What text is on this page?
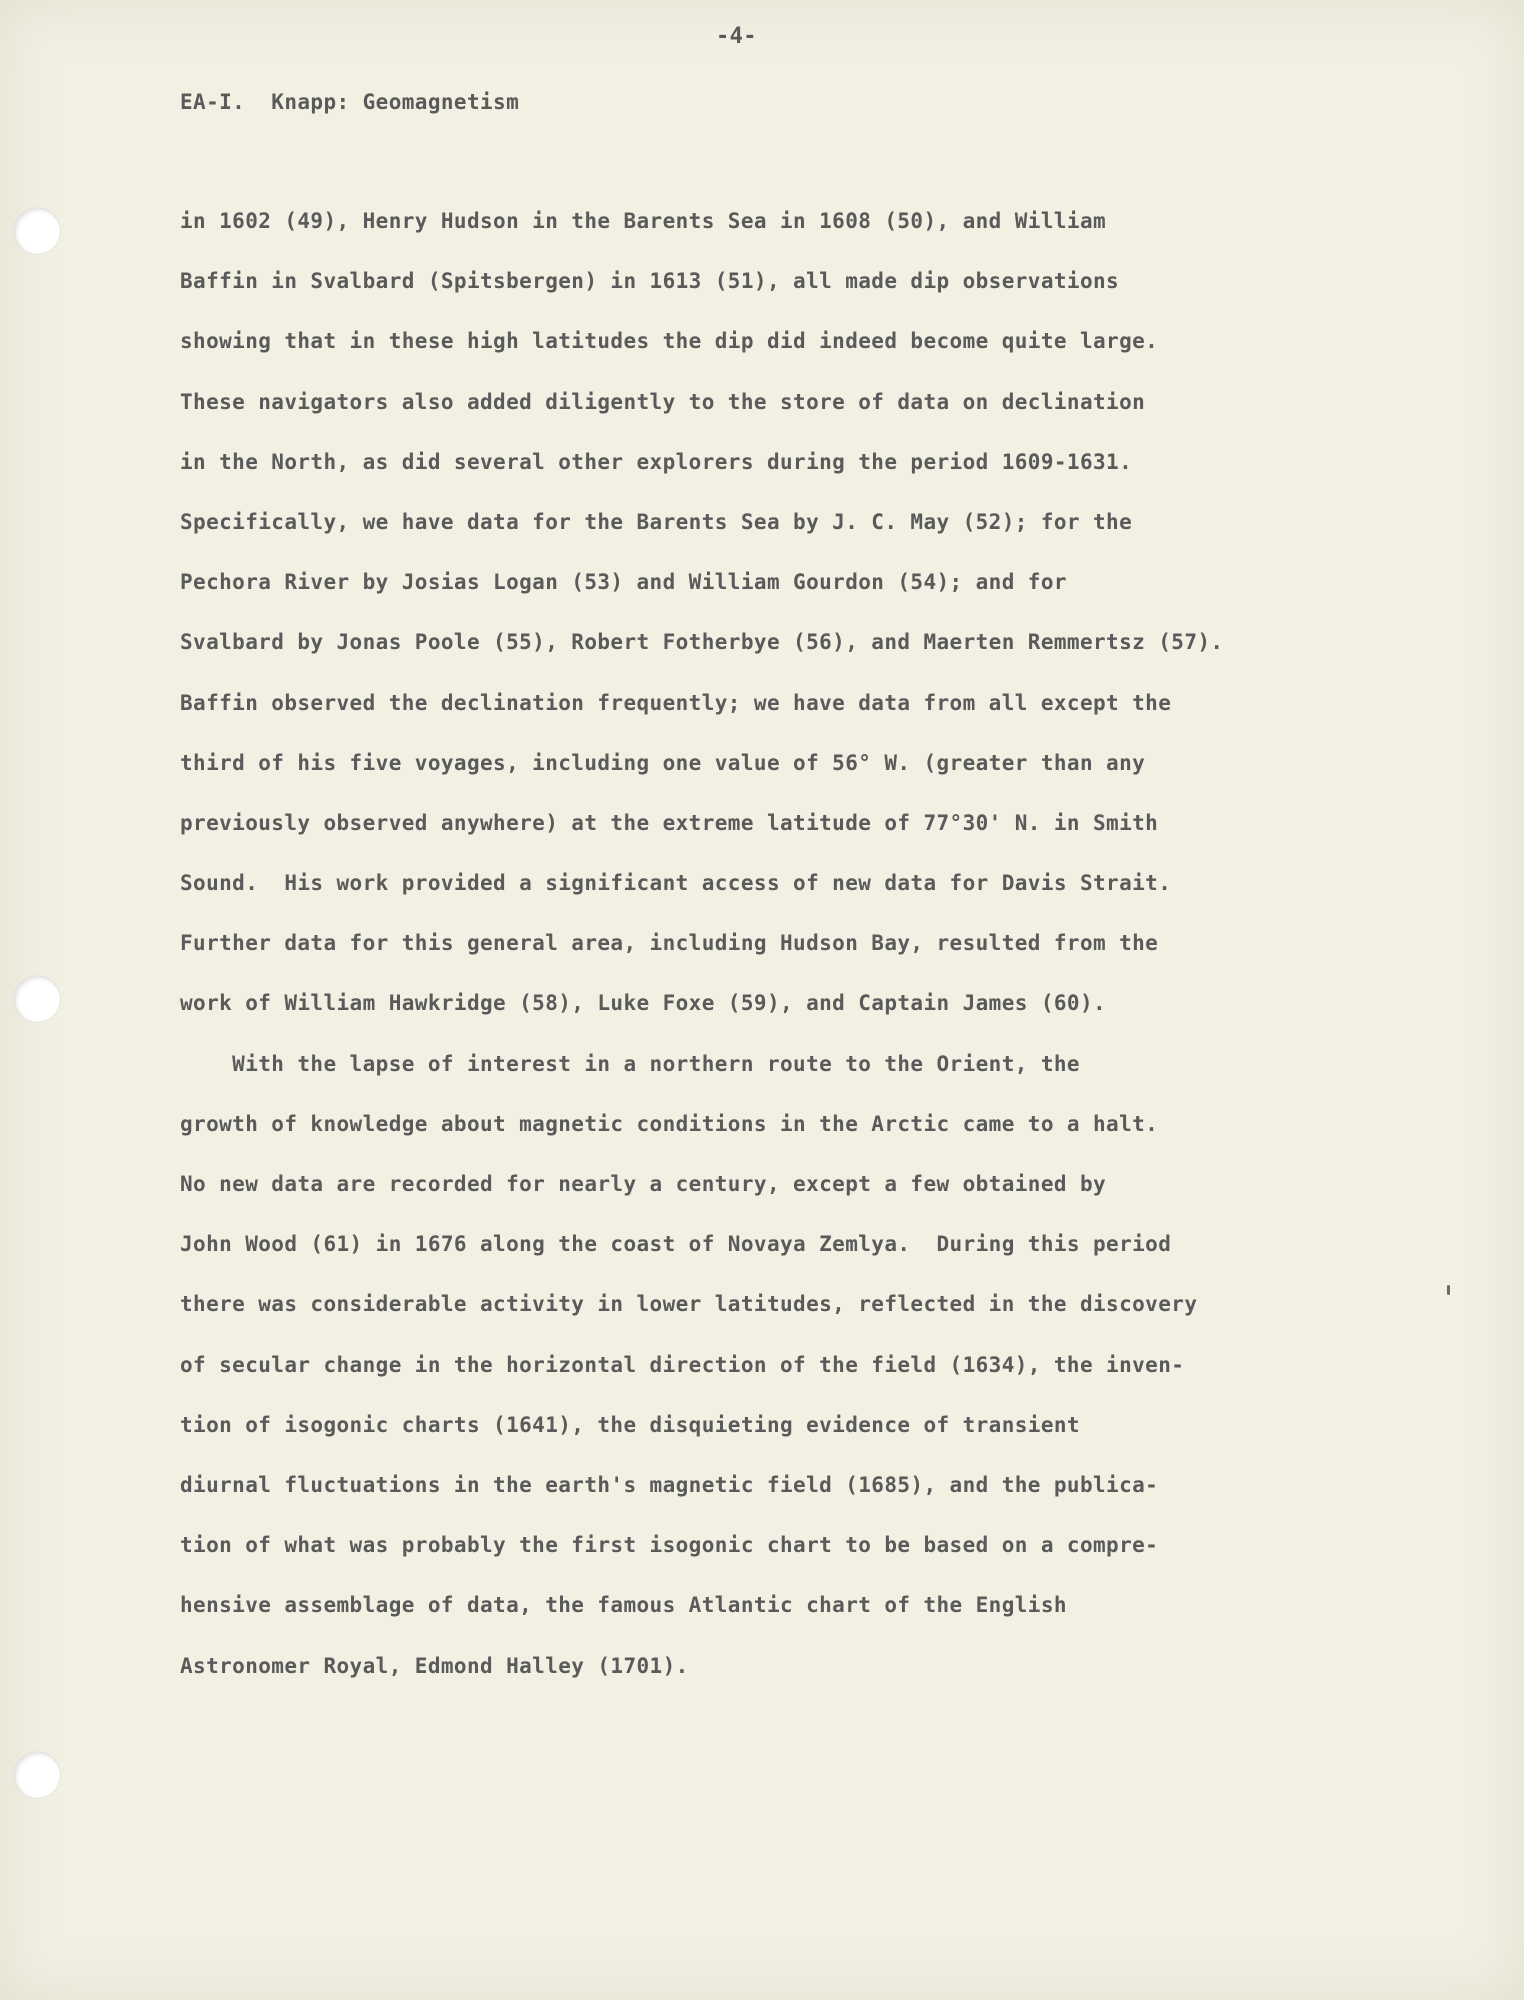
-4-
EA-I.  Knapp: Geomagnetism
in 1602 (49), Henry Hudson in the Barents Sea in 1608 (50), and William
Baffin in Svalbard (Spitsbergen) in 1613 (51), all made dip observations
showing that in these high latitudes the dip did indeed become quite large.
These navigators also added diligently to the store of data on declination
in the North, as did several other explorers during the period 1609-1631.
Specifically, we have data for the Barents Sea by J. C. May (52); for the
Pechora River by Josias Logan (53) and William Gourdon (54); and for
Svalbard by Jonas Poole (55), Robert Fotherbye (56), and Maerten Remmertsz (57).
Baffin observed the declination frequently; we have data from all except the
third of his five voyages, including one value of 56° W. (greater than any
previously observed anywhere) at the extreme latitude of 77°30' N. in Smith
Sound.  His work provided a significant access of new data for Davis Strait.
Further data for this general area, including Hudson Bay, resulted from the
work of William Hawkridge (58), Luke Foxe (59), and Captain James (60).
With the lapse of interest in a northern route to the Orient, the
growth of knowledge about magnetic conditions in the Arctic came to a halt.
No new data are recorded for nearly a century, except a few obtained by
John Wood (61) in 1676 along the coast of Novaya Zemlya.  During this period
there was considerable activity in lower latitudes, reflected in the discovery
of secular change in the horizontal direction of the field (1634), the inven-
tion of isogonic charts (1641), the disquieting evidence of transient
diurnal fluctuations in the earth's magnetic field (1685), and the publica-
tion of what was probably the first isogonic chart to be based on a compre-
hensive assemblage of data, the famous Atlantic chart of the English
Astronomer Royal, Edmond Halley (1701).
